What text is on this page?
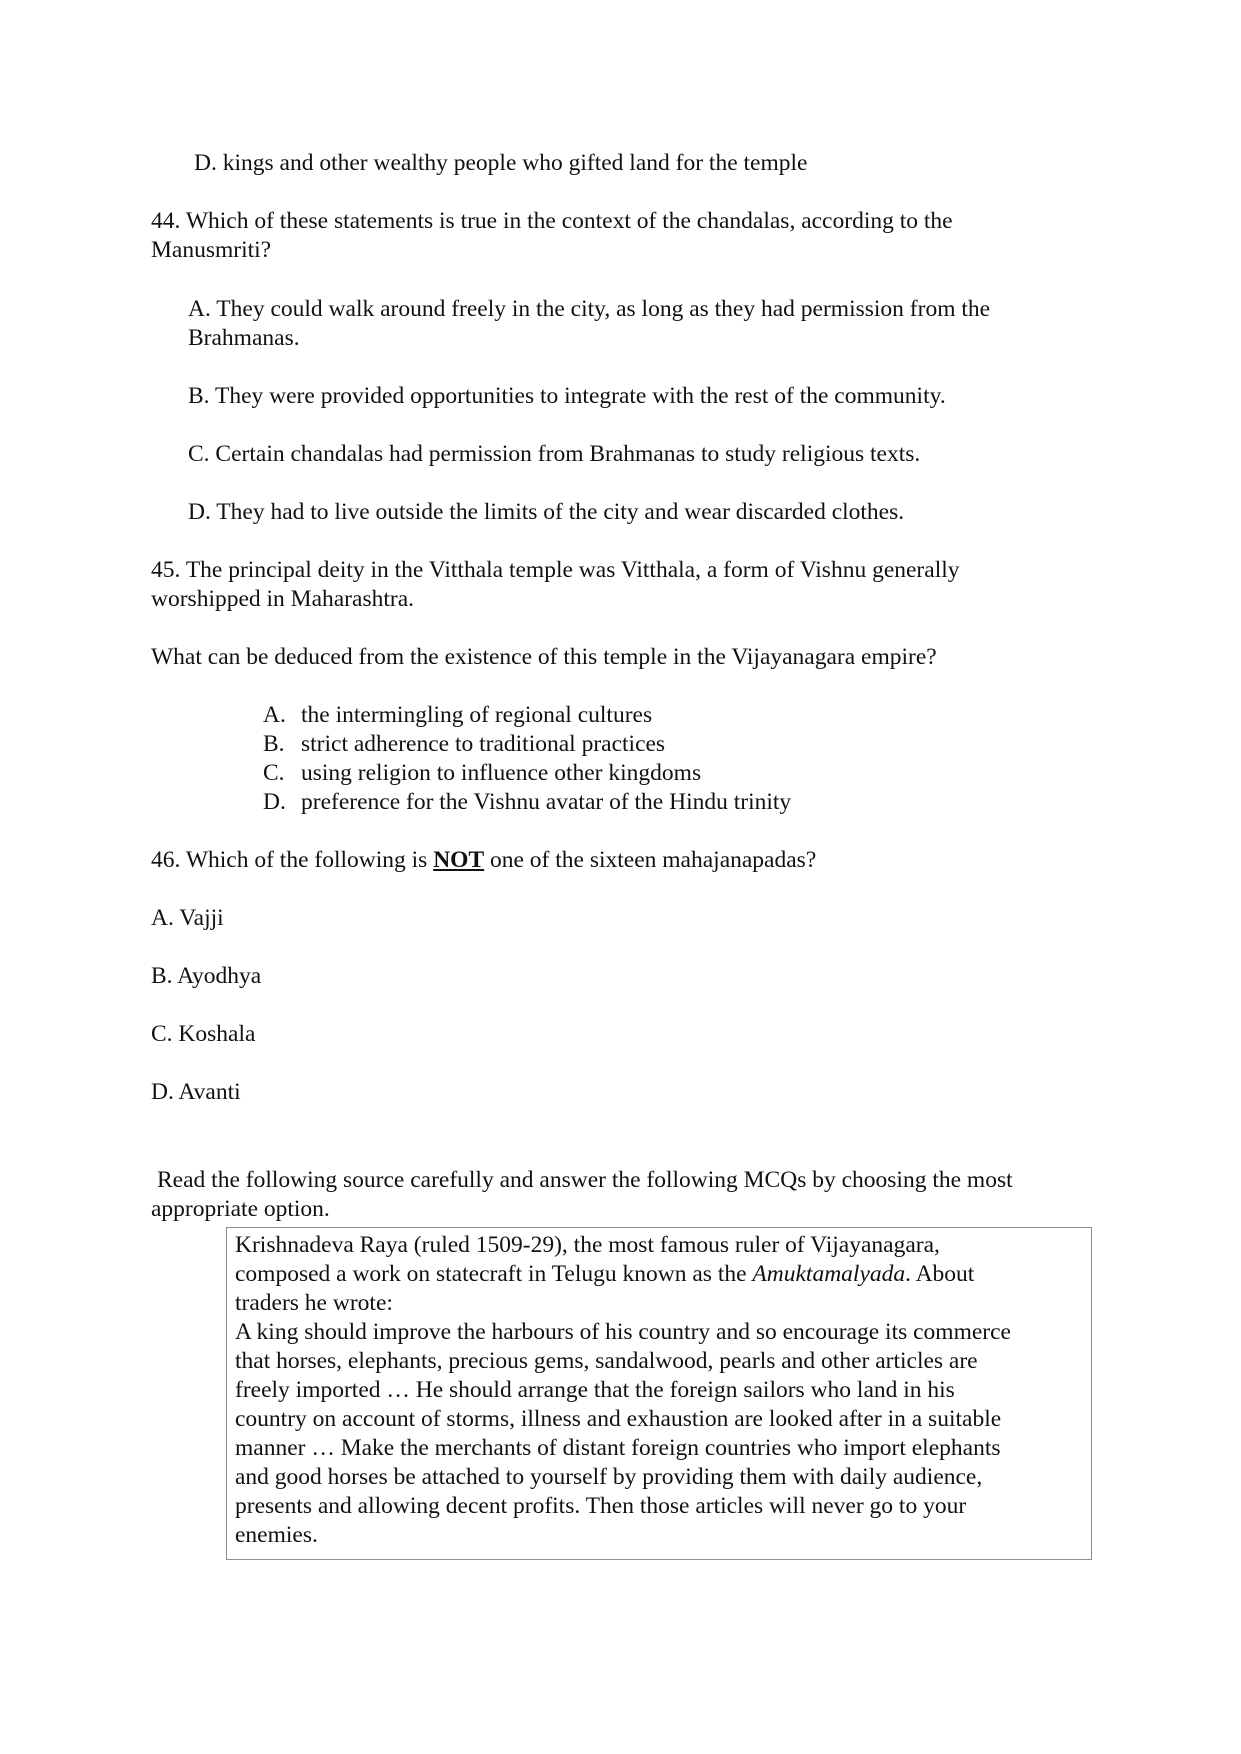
D. kings and other wealthy people who gifted land for the temple
44. Which of these statements is true in the context of the chandalas, according to the
Manusmriti?
A. They could walk around freely in the city, as long as they had permission from the
Brahmanas.
B. They were provided opportunities to integrate with the rest of the community.
C. Certain chandalas had permission from Brahmanas to study religious texts.
D. They had to live outside the limits of the city and wear discarded clothes.
45. The principal deity in the Vitthala temple was Vitthala, a form of Vishnu generally
worshipped in Maharashtra.
What can be deduced from the existence of this temple in the Vijayanagara empire?
A. the intermingling of regional cultures
B. strict adherence to traditional practices
C. using religion to influence other kingdoms
D. preference for the Vishnu avatar of the Hindu trinity
46. Which of the following is NOT one of the sixteen mahajanapadas?
A. Vajji
B. Ayodhya
C. Koshala
D. Avanti
Read the following source carefully and answer the following MCQs by choosing the most
appropriate option.
Krishnadeva Raya (ruled 1509-29), the most famous ruler of Vijayanagara,
composed a work on statecraft in Telugu known as the Amuktamalyada. About
traders he wrote:
A king should improve the harbours of his country and so encourage its commerce
that horses, elephants, precious gems, sandalwood, pearls and other articles are
freely imported … He should arrange that the foreign sailors who land in his
country on account of storms, illness and exhaustion are looked after in a suitable
manner … Make the merchants of distant foreign countries who import elephants
and good horses be attached to yourself by providing them with daily audience,
presents and allowing decent profits. Then those articles will never go to your
enemies.
